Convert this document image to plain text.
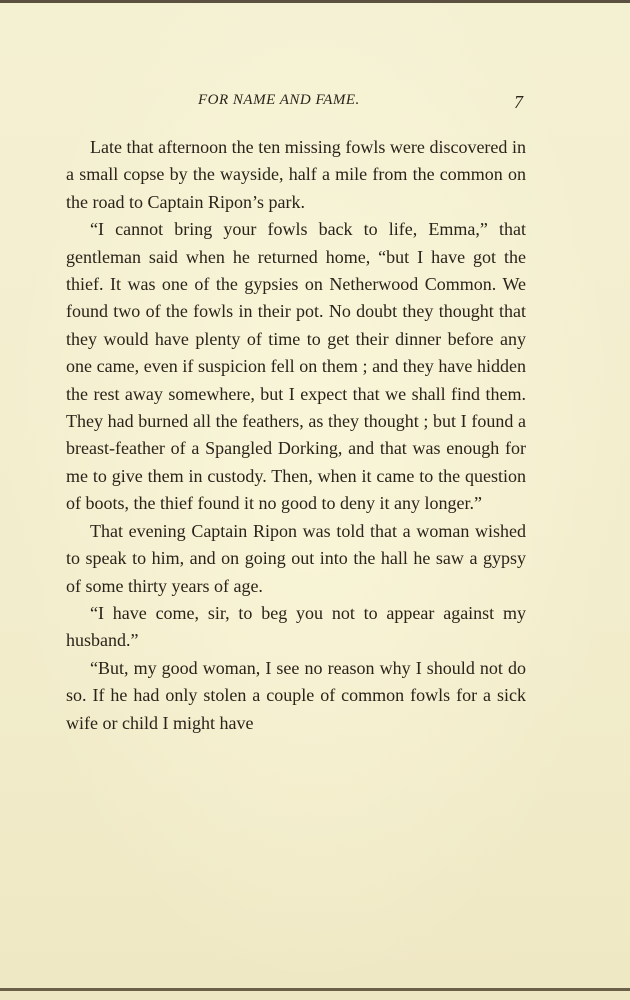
FOR NAME AND FAME.	7

Late that afternoon the ten missing fowls were discovered in a small copse by the wayside, half a mile from the common on the road to Captain Ripon’s park.

“I cannot bring your fowls back to life, Emma,” that gentleman said when he returned home, “but I have got the thief. It was one of the gypsies on Netherwood Common. We found two of the fowls in their pot. No doubt they thought that they would have plenty of time to get their dinner before any one came, even if suspicion fell on them ; and they have hidden the rest away somewhere, but I expect that we shall find them. They had burned all the feathers, as they thought ; but I found a breast-feather of a Spangled Dorking, and that was enough for me to give them in custody. Then, when it came to the question of boots, the thief found it no good to deny it any longer.”

That evening Captain Ripon was told that a woman wished to speak to him, and on going out into the hall he saw a gypsy of some thirty years of age.

“I have come, sir, to beg you not to appear against my husband.”

“But, my good woman, I see no reason why I should not do so. If he had only stolen a couple of common fowls for a sick wife or child I might have
